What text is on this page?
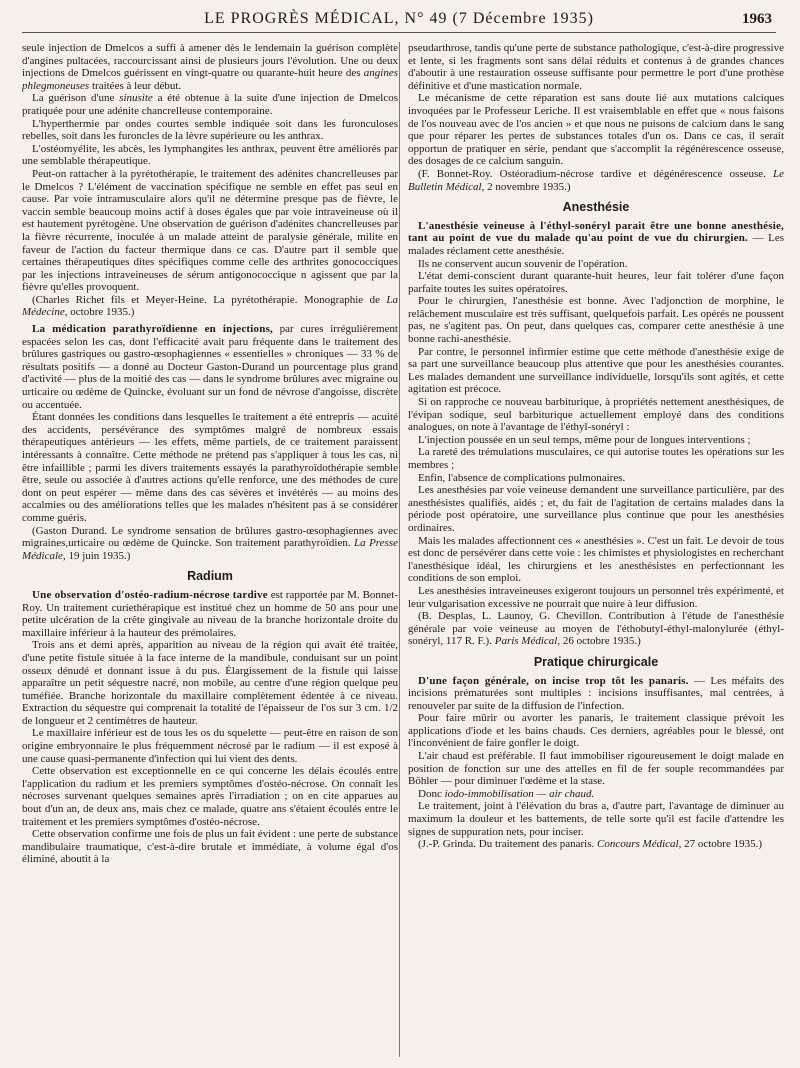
LE PROGRÈS MÉDICAL, N° 49 (7 Décembre 1935)	1963

seule injection de Dmelcos a suffi à amener dès le lendemain la guérison complète d'angines pultacées, raccourcissant ainsi de plusieurs jours l'évolution. Une ou deux injections de Dmelcos guérissent en vingt-quatre ou quarante-huit heure des angines phlegmoneuses traitées à leur début.

La guérison d'une sinusite a été obtenue à la suite d'une injection de Dmelcos pratiquée pour une adénite chancrelleuse contemporaine.

L'hyperthermie par ondes courtes semble indiquée soit dans les furonculoses rebelles, soit dans les furoncles de la lèvre supérieure ou les anthrax.

L'ostéomyélite, les abcès, les lymphangites les anthrax, peuvent être améliorés par une semblable thérapeutique.

Peut-on rattacher à la pyrétothérapie, le traitement des adénites chancrelleuses par le Dmelcos ? L'élément de vaccination spécifique ne semble en effet pas seul en cause. Par voie intramusculaire alors qu'il ne détermine presque pas de fièvre, le vaccin semble beaucoup moins actif à doses égales que par voie intraveineuse où il est hautement pyrétogène. Une observation de guérison d'adénites chancrelleuses par la fièvre récurrente, inoculée à un malade atteint de paralysie générale, milite en faveur de l'action du facteur thermique dans ce cas. D'autre part il semble que certaines thérapeutiques dites spécifiques comme celle des arthrites gonococciques par les injections intraveineuses de sérum antigonococcique n agissent que par la fièvre qu'elles provoquent.

(Charles Richet fils et Meyer-Heine. La pyrétothérapie. Monographie de La Médecine, octobre 1935.)

La médication parathyroïdienne en injections, par cures irrégulièrement espacées selon les cas, dont l'efficacité avait paru fréquente dans le traitement des brûlures gastriques ou gastro-œsophagiennes « essentielles » chroniques — 33 % de résultats positifs — a donné au Docteur Gaston-Durand un pourcentage plus grand d'activité — plus de la moitié des cas — dans le syndrome brûlures avec migraine ou urticaire ou œdème de Quincke, évoluant sur un fond de névrose d'angoisse, discrète ou accentuée.

Étant données les conditions dans lesquelles le traitement a été entrepris — acuité des accidents, persévérance des symptômes malgré de nombreux essais thérapeutiques antérieurs — les effets, même partiels, de ce traitement paraissent intéressants à connaître. Cette méthode ne prétend pas s'appliquer à tous les cas, ni être infaillible ; parmi les divers traitements essayés la parathyroïdothérapie semble être, seule ou associée à d'autres actions qu'elle renforce, une des méthodes de cure dont on peut espérer — même dans des cas sévères et invétérés — au moins des accalmies ou des améliorations telles que les malades n'hésitent pas à se considérer comme guéris.

(Gaston Durand. Le syndrome sensation de brûlures gastro-œsophagiennes avec migraines,urticaire ou œdème de Quincke. Son traitement parathyroïdien. La Presse Médicale, 19 juin 1935.)

Radium

Une observation d'ostéo-radium-nécrose tardive est rapportée par M. Bonnet-Roy. Un traitement curiethérapique est institué chez un homme de 50 ans pour une petite ulcération de la crête gingivale au niveau de la branche horizontale droite du maxillaire inférieur à la hauteur des prémolaires.

Trois ans et demi après, apparition au niveau de la région qui avait été traitée, d'une petite fistule située à la face interne de la mandibule, conduisant sur un point osseux dénudé et donnant issue à du pus. Élargissement de la fistule qui laisse apparaître un petit séquestre nacré, non mobile, au centre d'une région quelque peu tuméfiée. Branche horizontale du maxillaire complètement édentée à ce niveau. Extraction du séquestre qui comprenait la totalité de l'épaisseur de l'os sur 3 cm. 1/2 de longueur et 2 centimètres de hauteur.

Le maxillaire inférieur est de tous les os du squelette — peut-être en raison de son origine embryonnaire le plus fréquemment nécrosé par le radium — il est exposé à une cause quasi-permanente d'infection qui lui vient des dents.

Cette observation est exceptionnelle en ce qui concerne les délais écoulés entre l'application du radium et les premiers symptômes d'ostéo-nécrose. On connaît les nécroses survenant quelques semaines après l'irradiation ; on en cite apparues au bout d'un an, de deux ans, mais chez ce malade, quatre ans s'étaient écoulés entre le traitement et les premiers symptômes d'ostéo-nécrose.

Cette observation confirme une fois de plus un fait évident : une perte de substance mandibulaire traumatique, c'est-à-dire brutale et immédiate, à volume égal d'os éliminé, aboutit à la

pseudarthrose, tandis qu'une perte de substance pathologique, c'est-à-dire progressive et lente, si les fragments sont sans délai réduits et contenus à de grandes chances d'aboutir à une restauration osseuse suffisante pour permettre le port d'une prothèse définitive et d'une mastication normale.

Le mécanisme de cette réparation est sans doute lié aux mutations calciques invoquées par le Professeur Leriche. Il est vraisemblable en effet que « nous faisons de l'os nouveau avec de l'os ancien » et que nous ne puisons de calcium dans le sang que pour réparer les pertes de substances totales d'un os. Dans ce cas, il serait opportun de pratiquer en série, pendant que s'accomplit la régénérescence osseuse, des dosages de ce calcium sanguin.

(F. Bonnet-Roy. Ostéoradium-nécrose tardive et dégénérescence osseuse. Le Bulletin Médical, 2 novembre 1935.)

Anesthésie

L'anesthésie veineuse à l'éthyl-sonéryl parait être une bonne anesthésie, tant au point de vue du malade qu'au point de vue du chirurgien. — Les malades réclament cette anesthésie.

Ils ne conservent aucun souvenir de l'opération.

L'état demi-conscient durant quarante-huit heures, leur fait tolérer d'une façon parfaite toutes les suites opératoires.

Pour le chirurgien, l'anesthésie est bonne. Avec l'adjonction de morphine, le relâchement musculaire est très suffisant, quelquefois parfait. Les opérés ne poussent pas, ne s'agitent pas. On peut, dans quelques cas, comparer cette anesthésie à une bonne rachi-anesthésie.

Par contre, le personnel infirmier estime que cette méthode d'anesthésie exige de sa part une surveillance beaucoup plus attentive que pour les anesthésies courantes. Les malades demandent une surveillance individuelle, lorsqu'ils sont agités, et cette agitation est précoce.

Si on rapproche ce nouveau barbiturique, à propriétés nettement anesthésiques, de l'évipan sodique, seul barbiturique actuellement employé dans des conditions analogues, on note à l'avantage de l'éthyl-sonéryl :

L'injection poussée en un seul temps, même pour de longues interventions ;

La rareté des trémulations musculaires, ce qui autorise toutes les opérations sur les membres ;

Enfin, l'absence de complications pulmonaires.

Les anesthésies par voie veineuse demandent une surveillance particulière, par des anesthésistes qualifiés, aidés ; et, du fait de l'agitation de certains malades dans la période post opératoire, une surveillance plus continue que pour les anesthésies ordinaires.

Mais les malades affectionnent ces « anesthésies ». C'est un fait. Le devoir de tous est donc de persévérer dans cette voie : les chimistes et physiologistes en recherchant l'anesthésique idéal, les chirurgiens et les anesthésistes en perfectionnant les conditions de son emploi.

Les anesthésies intraveineuses exigeront toujours un personnel très expérimenté, et leur vulgarisation excessive ne pourrait que nuire à leur diffusion.

(B. Desplas, L. Launoy, G. Chevillon. Contribution à l'étude de l'anesthésie générale par voie veineuse au moyen de l'éthobutyl-éthyl-malonylurée (éthyl-sonéryl, 117 R. F.). Paris Médical, 26 octobre 1935.)

Pratique chirurgicale

D'une façon générale, on incise trop tôt les panaris. — Les méfaits des incisions prématurées sont multiples : incisions insuffisantes, mal centrées, à renouveler par suite de la diffusion de l'infection.

Pour faire mûrir ou avorter les panaris, le traitement classique prévoit les applications d'iode et les bains chauds. Ces derniers, agréables pour le blessé, ont l'inconvénient de faire gonfler le doigt.

L'air chaud est préférable. Il faut immobiliser rigoureusement le doigt malade en position de fonction sur une des attelles en fil de fer souple recommandées par Böhler — pour diminuer l'œdème et la stase.

Donc iodo-immobilisation — air chaud.

Le traitement, joint à l'élévation du bras a, d'autre part, l'avantage de diminuer au maximum la douleur et les battements, de telle sorte qu'il est facile d'attendre les signes de suppuration nets, pour inciser.

(J.-P. Grinda. Du traitement des panaris. Concours Médical, 27 octobre 1935.)
